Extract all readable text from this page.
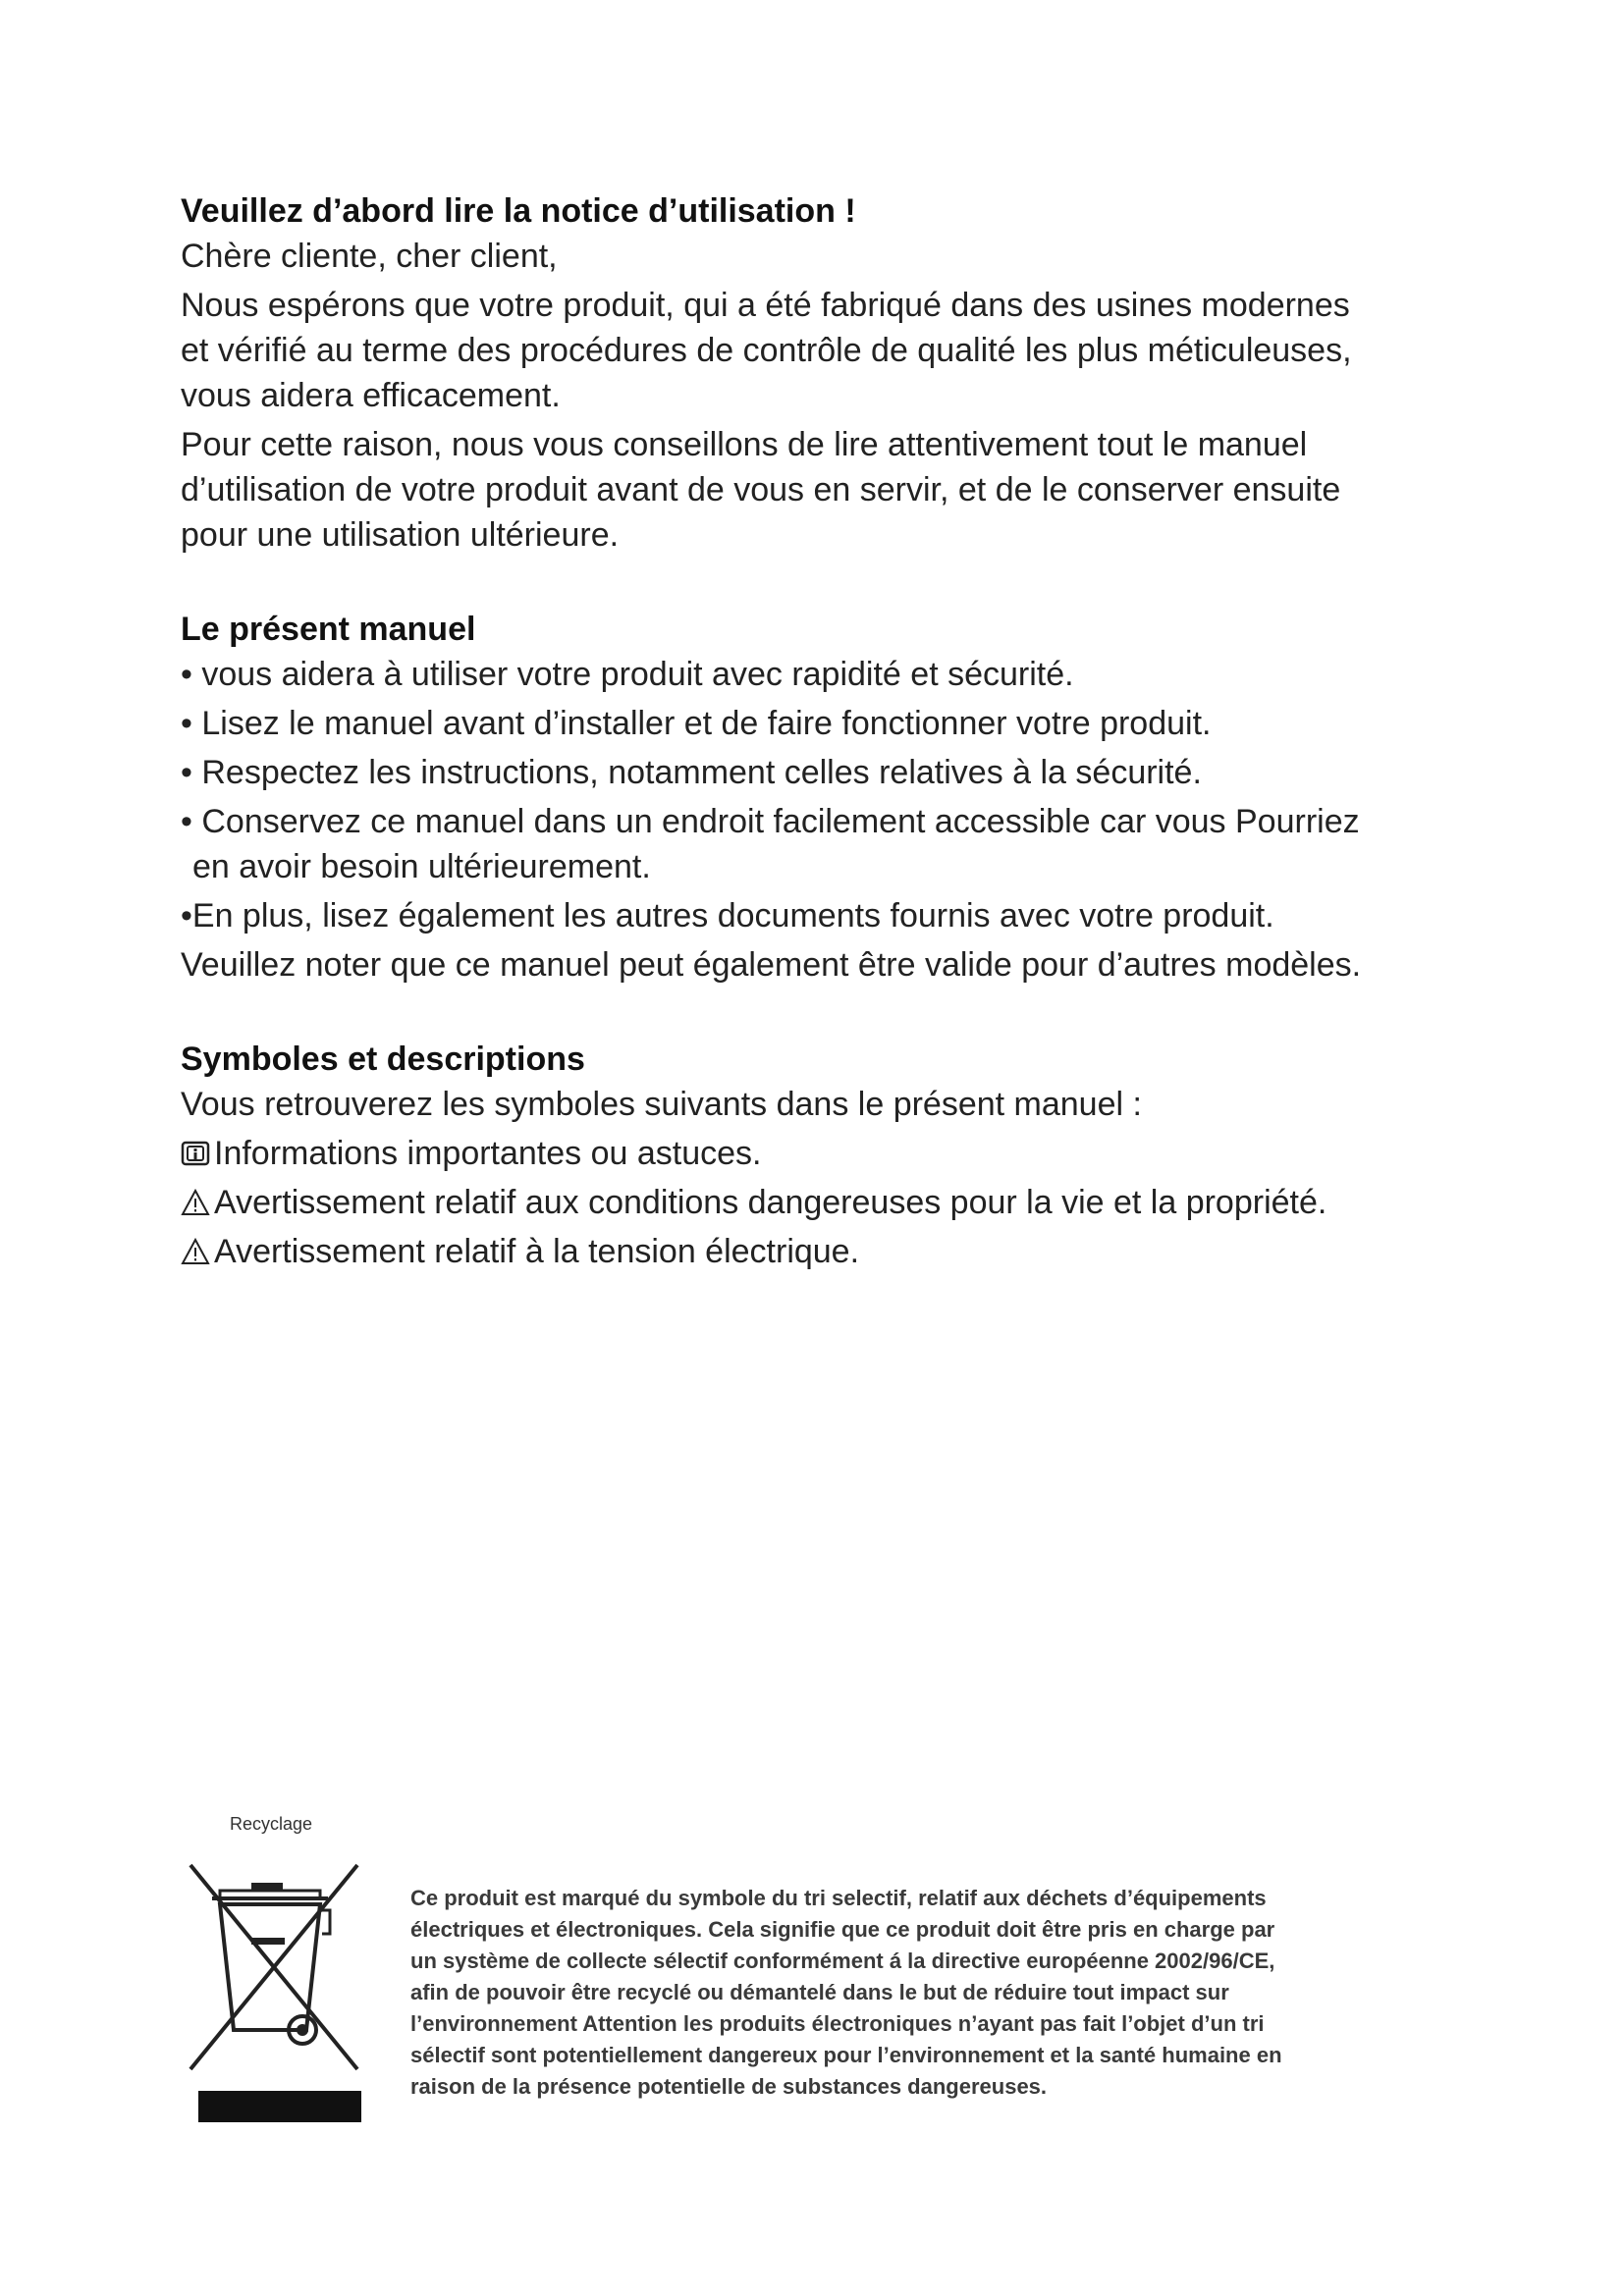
Veuillez d’abord lire la notice d’utilisation !

Chère cliente, cher client,

Nous espérons que votre produit, qui a été fabriqué dans des usines modernes

et vérifié au terme des procédures de contrôle de qualité les plus méticuleuses,

vous aidera efficacement.

Pour cette raison, nous vous conseillons de lire attentivement tout le manuel

d’utilisation de votre produit avant de vous en servir, et de le conserver ensuite

pour une utilisation ultérieure.

Le présent manuel

• vous aidera à utiliser votre produit avec rapidité et sécurité.

• Lisez le manuel avant d’installer et de faire fonctionner votre produit.

• Respectez les instructions, notamment celles relatives à la sécurité.

• Conservez ce manuel dans un endroit facilement accessible car vous Pourriez

en avoir besoin ultérieurement.

•En plus, lisez également les autres documents fournis avec votre produit.

Veuillez noter que ce manuel peut également être valide pour d’autres modèles.

Symboles et descriptions

Vous retrouverez les symboles suivants dans le présent manuel :

Informations importantes ou astuces.
Avertissement relatif aux conditions dangereuses pour la vie et la propriété.
Avertissement relatif à la tension électrique.
Recyclage

Ce produit est marqué du symbole du tri selectif, relatif aux déchets d’équipements
électriques et électroniques. Cela signifie que ce produit doit être pris en charge par
un système de collecte sélectif conformément á la directive européenne 2002/96/CE,
afin de pouvoir être recyclé ou démantelé dans le but de réduire tout impact sur
l’environnement Attention les produits électroniques n’ayant pas fait l’objet d’un tri
sélectif sont potentiellement dangereux pour l’environnement et la santé humaine en
raison de la présence potentielle de substances dangereuses.
